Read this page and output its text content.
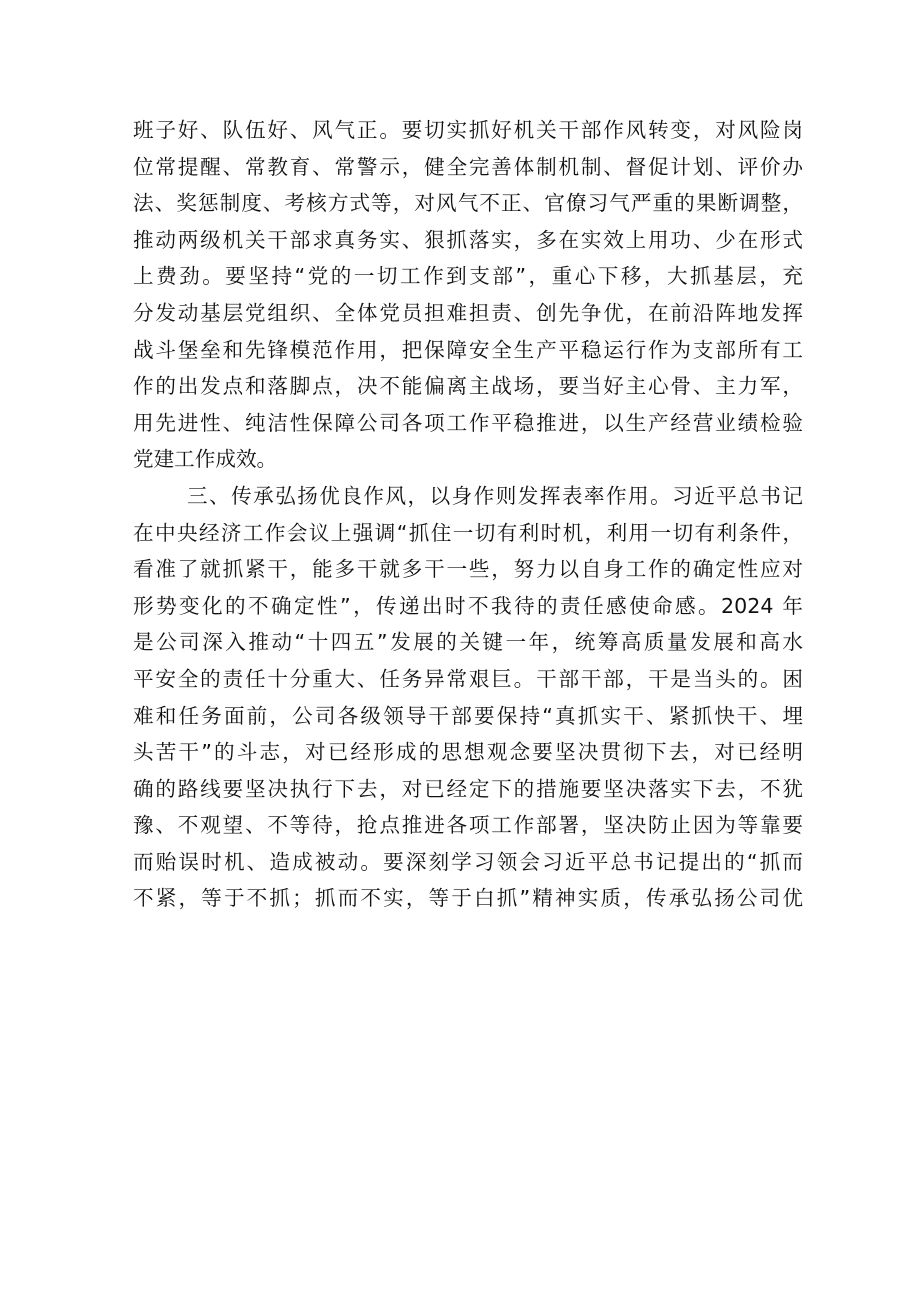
班子好、队伍好、风气正。要切实抓好机关干部作风转变，对风险岗
位常提醒、常教育、常警示，健全完善体制机制、督促计划、评价办
法、奖惩制度、考核方式等，对风气不正、官僚习气严重的果断调整，
推动两级机关干部求真务实、狠抓落实，多在实效上用功、少在形式
上费劲。要坚持“党的一切工作到支部”，重心下移，大抓基层，充
分发动基层党组织、全体党员担难担责、创先争优，在前沿阵地发挥
战斗堡垒和先锋模范作用，把保障安全生产平稳运行作为支部所有工
作的出发点和落脚点，决不能偏离主战场，要当好主心骨、主力军，
用先进性、纯洁性保障公司各项工作平稳推进，以生产经营业绩检验
党建工作成效。
三、传承弘扬优良作风，以身作则发挥表率作用。习近平总书记
在中央经济工作会议上强调“抓住一切有利时机，利用一切有利条件，
看准了就抓紧干，能多干就多干一些，努力以自身工作的确定性应对
形势变化的不确定性”，传递出时不我待的责任感使命感。2024 年
是公司深入推动“十四五”发展的关键一年，统筹高质量发展和高水
平安全的责任十分重大、任务异常艰巨。干部干部，干是当头的。困
难和任务面前，公司各级领导干部要保持“真抓实干、紧抓快干、埋
头苦干”的斗志，对已经形成的思想观念要坚决贯彻下去，对已经明
确的路线要坚决执行下去，对已经定下的措施要坚决落实下去，不犹
豫、不观望、不等待，抢点推进各项工作部署，坚决防止因为等靠要
而贻误时机、造成被动。要深刻学习领会习近平总书记提出的“抓而
不紧，等于不抓；抓而不实，等于白抓”精神实质，传承弘扬公司优
